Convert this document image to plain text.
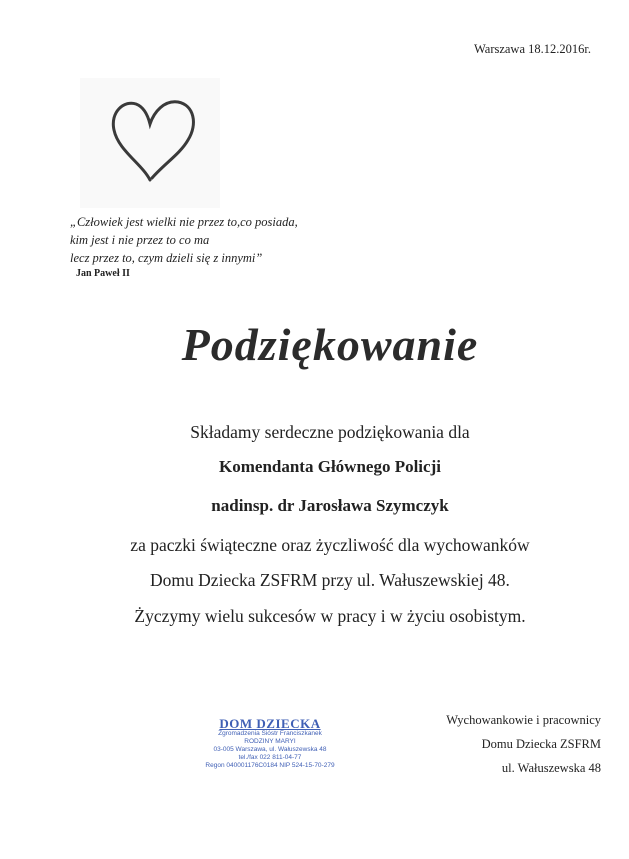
Warszawa 18.12.2016r.
„Człowiek jest wielki nie przez to,co posiada,
kim jest i nie przez to co ma
lecz przez to, czym dzieli się z innymi”
Jan Paweł II
Podziękowanie
Składamy serdeczne podziękowania dla
Komendanta Głównego Policji
nadinsp. dr Jarosława Szymczyk
za paczki świąteczne oraz życzliwość dla wychowanków
Domu Dziecka ZSFRM przy ul. Wałuszewskiej 48.
Życzymy wielu sukcesów w pracy i w życiu osobistym.
DOM DZIECKA
Zgromadzenia Sióstr Franciszkanek
RODZINY MARYI
03-005 Warszawa, ul. Wałuszewska 48
tel./fax 022 811-04-77
Regon 040001176C0184 NIP 524-15-70-279
Wychowankowie i pracownicy
Domu Dziecka ZSFRM
ul. Wałuszewska 48
